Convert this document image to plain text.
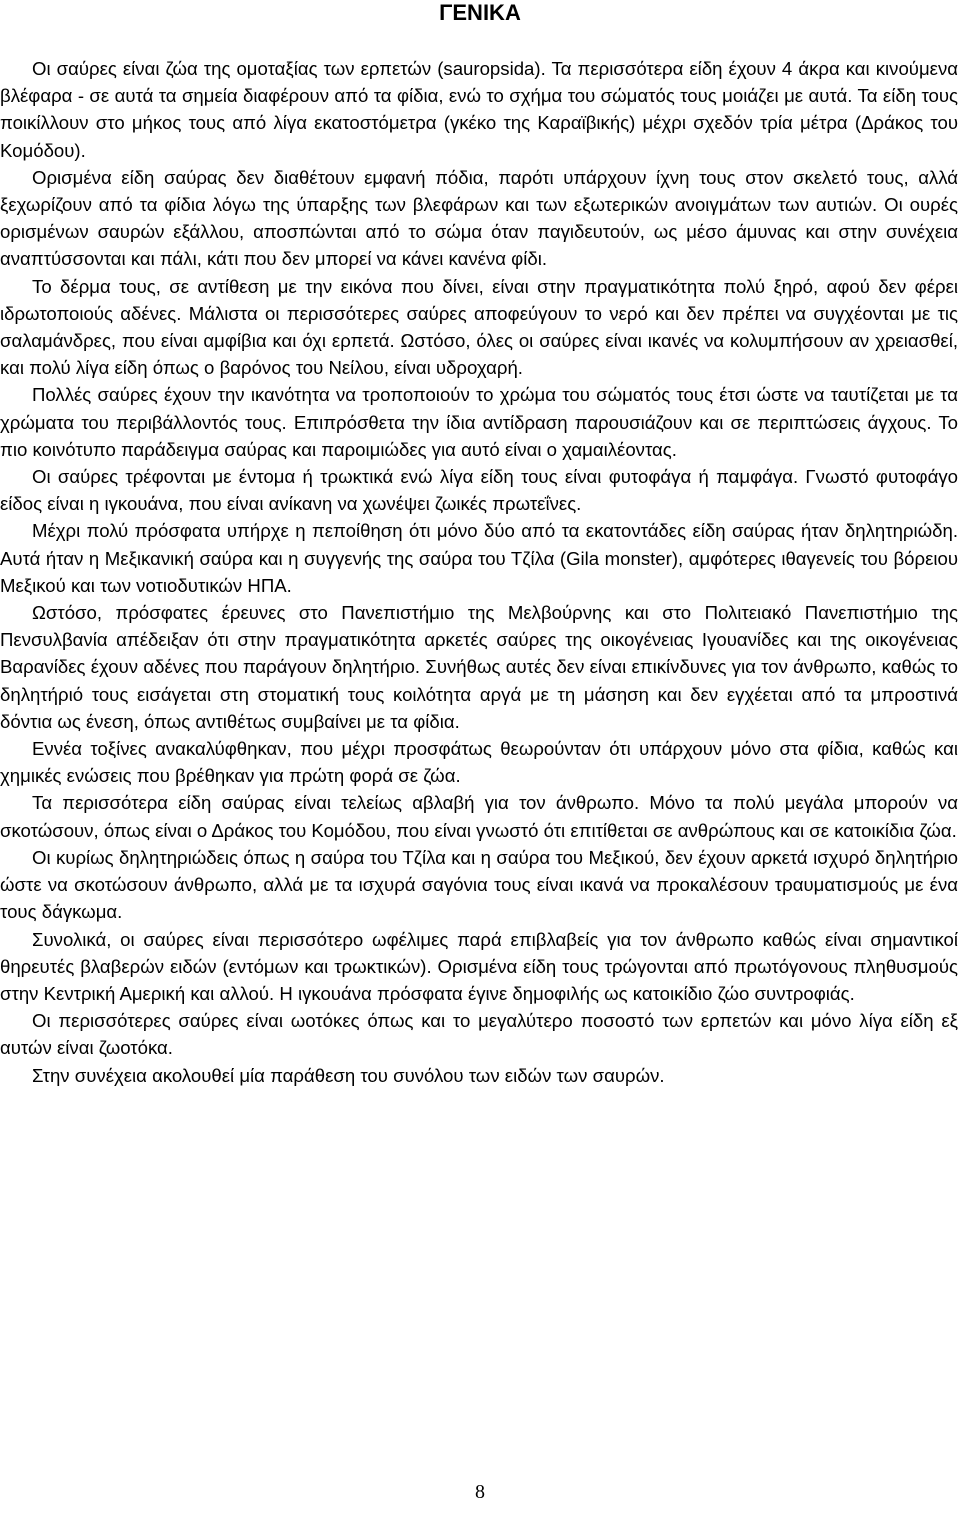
ΓΕΝΙΚΑ

Οι σαύρες είναι ζώα της ομοταξίας των ερπετών (sauropsida). Τα περισσότερα είδη έχουν 4 άκρα και κινούμενα βλέφαρα - σε αυτά τα σημεία διαφέρουν από τα φίδια, ενώ το σχήμα του σώματός τους μοιάζει με αυτά. Τα είδη τους ποικίλλουν στο μήκος τους από λίγα εκατοστόμετρα (γκέκο της Καραϊβικής) μέχρι σχεδόν τρία μέτρα (Δράκος του Κομόδου).

Ορισμένα είδη σαύρας δεν διαθέτουν εμφανή πόδια, παρότι υπάρχουν ίχνη τους στον σκελετό τους, αλλά ξεχωρίζουν από τα φίδια λόγω της ύπαρξης των βλεφάρων και των εξωτερικών ανοιγμάτων των αυτιών. Οι ουρές ορισμένων σαυρών εξάλλου, αποσπώνται από το σώμα όταν παγιδευτούν, ως μέσο άμυνας και στην συνέχεια αναπτύσσονται και πάλι, κάτι που δεν μπορεί να κάνει κανένα φίδι.

Το δέρμα τους, σε αντίθεση με την εικόνα που δίνει, είναι στην πραγματικότητα πολύ ξηρό, αφού δεν φέρει ιδρωτοποιούς αδένες. Μάλιστα οι περισσότερες σαύρες αποφεύγουν το νερό και δεν πρέπει να συγχέονται με τις σαλαμάνδρες, που είναι αμφίβια και όχι ερπετά. Ωστόσο, όλες οι σαύρες είναι ικανές να κολυμπήσουν αν χρειασθεί, και πολύ λίγα είδη όπως ο βαρόνος του Νείλου, είναι υδροχαρή.

Πολλές σαύρες έχουν την ικανότητα να τροποποιούν το χρώμα του σώματός τους έτσι ώστε να ταυτίζεται με τα χρώματα του περιβάλλοντός τους. Επιπρόσθετα την ίδια αντίδραση παρουσιάζουν και σε περιπτώσεις άγχους. Το πιο κοινότυπο παράδειγμα σαύρας και παροιμιώδες για αυτό είναι ο χαμαιλέοντας.

Οι σαύρες τρέφονται με έντομα ή τρωκτικά ενώ λίγα είδη τους είναι φυτοφάγα ή παμφάγα. Γνωστό φυτοφάγο είδος είναι η ιγκουάνα, που είναι ανίκανη να χωνέψει ζωικές πρωτεΐνες.

Μέχρι πολύ πρόσφατα υπήρχε η πεποίθηση ότι μόνο δύο από τα εκατοντάδες είδη σαύρας ήταν δηλητηριώδη. Αυτά ήταν η Μεξικανική σαύρα και η συγγενής της σαύρα του Τζίλα (Gila monster), αμφότερες ιθαγενείς του βόρειου Μεξικού και των νοτιοδυτικών ΗΠΑ.

Ωστόσο, πρόσφατες έρευνες στο Πανεπιστήμιο της Μελβούρνης και στο Πολιτειακό Πανεπιστήμιο της Πενσυλβανία απέδειξαν ότι στην πραγματικότητα αρκετές σαύρες της οικογένειας Ιγουανίδες και της οικογένειας Βαρανίδες έχουν αδένες που παράγουν δηλητήριο. Συνήθως αυτές δεν είναι επικίνδυνες για τον άνθρωπο, καθώς το δηλητήριό τους εισάγεται στη στοματική τους κοιλότητα αργά με τη μάσηση και δεν εγχέεται από τα μπροστινά δόντια ως ένεση, όπως αντιθέτως συμβαίνει με τα φίδια.

Εννέα τοξίνες ανακαλύφθηκαν, που μέχρι προσφάτως θεωρούνταν ότι υπάρχουν μόνο στα φίδια, καθώς και χημικές ενώσεις που βρέθηκαν για πρώτη φορά σε ζώα.

Τα περισσότερα είδη σαύρας είναι τελείως αβλαβή για τον άνθρωπο. Μόνο τα πολύ μεγάλα μπορούν να σκοτώσουν, όπως είναι ο Δράκος του Κομόδου, που είναι γνωστό ότι επιτίθεται σε ανθρώπους και σε κατοικίδια ζώα.

Οι κυρίως δηλητηριώδεις όπως η σαύρα του Τζίλα και η σαύρα του Μεξικού, δεν έχουν αρκετά ισχυρό δηλητήριο ώστε να σκοτώσουν άνθρωπο, αλλά με τα ισχυρά σαγόνια τους είναι ικανά να προκαλέσουν τραυματισμούς με ένα τους δάγκωμα.

Συνολικά, οι σαύρες είναι περισσότερο ωφέλιμες παρά επιβλαβείς για τον άνθρωπο καθώς είναι σημαντικοί θηρευτές βλαβερών ειδών (εντόμων και τρωκτικών). Ορισμένα είδη τους τρώγονται από πρωτόγονους πληθυσμούς στην Κεντρική Αμερική και αλλού. Η ιγκουάνα πρόσφατα έγινε δημοφιλής ως κατοικίδιο ζώο συντροφιάς.

Οι περισσότερες σαύρες είναι ωοτόκες όπως και το μεγαλύτερο ποσοστό των ερπετών και μόνο λίγα είδη εξ αυτών είναι ζωοτόκα.

Στην συνέχεια ακολουθεί μία παράθεση του συνόλου των ειδών των σαυρών.

8
